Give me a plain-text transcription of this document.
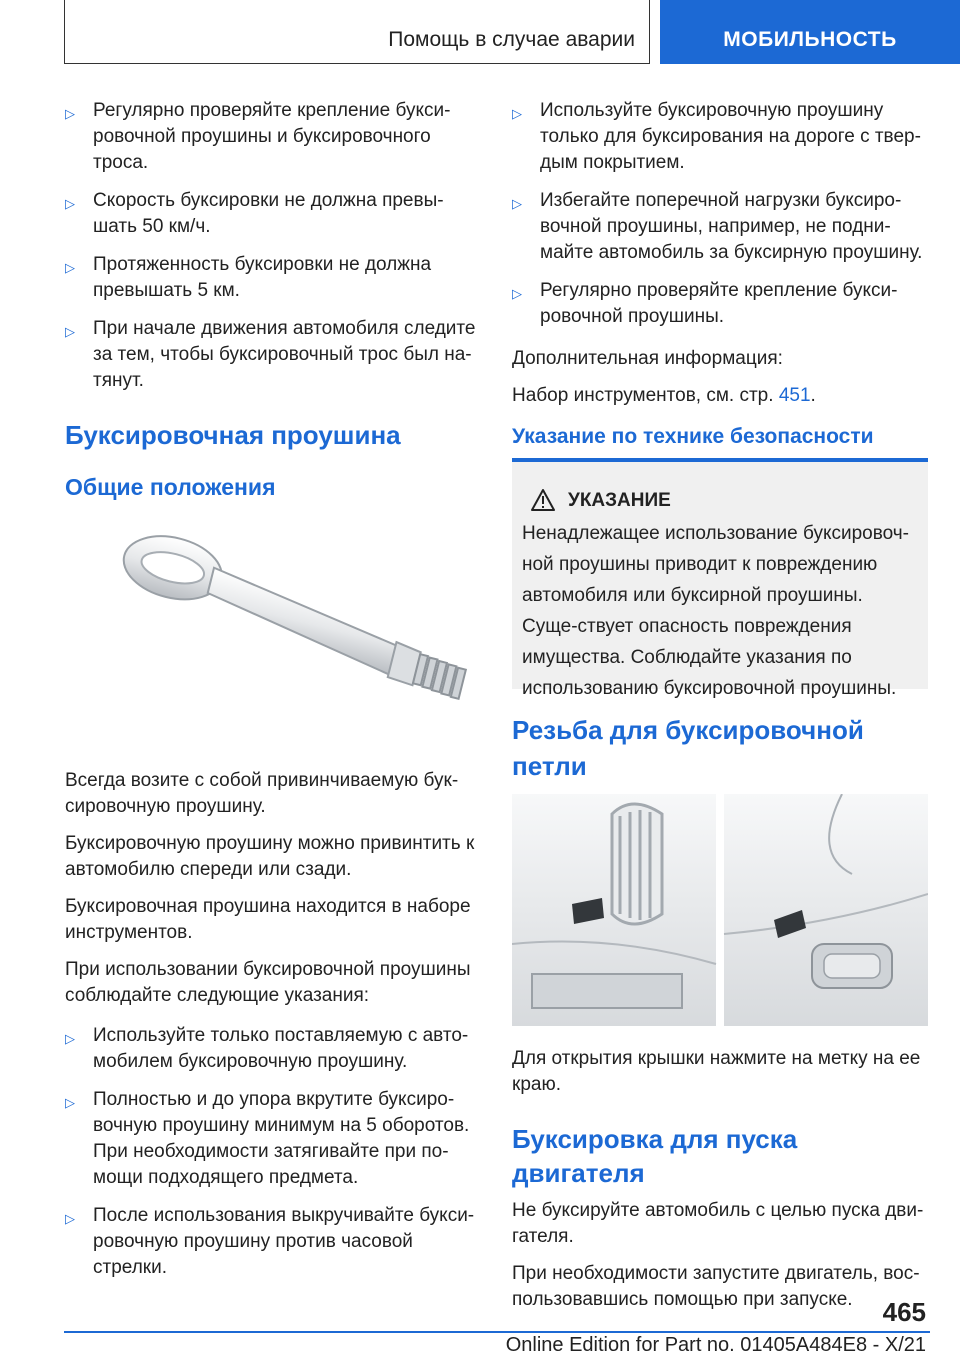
Помощь в случае аварии	МОБИЛЬНОСТЬ
▷ Регулярно проверяйте крепление букси-ровочной проушины и буксировочного троса.
▷ Скорость буксировки не должна превы-шать 50 км/ч.
▷ Протяженность буксировки не должна превышать 5 км.
▷ При начале движения автомобиля следите за тем, чтобы буксировочный трос был на-тянут.
Буксировочная проушина
Общие положения

Всегда возите с собой привинчиваемую бук-сировочную проушину.

Буксировочную проушину можно привинтить к автомобилю спереди или сзади.

Буксировочная проушина находится в наборе инструментов.

При использовании буксировочной проушины соблюдайте следующие указания:

▷ Используйте только поставляемую с авто-мобилем буксировочную проушину.
▷ Полностью и до упора вкрутите буксиро-вочную проушину минимум на 5 оборотов. При необходимости затягивайте при по-мощи подходящего предмета.
▷ После использования выкручивайте букси-ровочную проушину против часовой стрелки.
▷ Используйте буксировочную проушину только для буксирования на дороге с твер-дым покрытием.
▷ Избегайте поперечной нагрузки буксиро-вочной проушины, например, не подни-майте автомобиль за буксирную проушину.
▷ Регулярно проверяйте крепление букси-ровочной проушины.

Дополнительная информация:

Набор инструментов, см. стр. 451.

Указание по технике безопасности
УКАЗАНИЕ
Ненадлежащее использование буксировоч-ной проушины приводит к повреждению автомобиля или буксирной проушины. Суще-ствует опасность повреждения имущества. Соблюдайте указания по использованию буксировочной проушины.
Резьба для буксировочной петли

Для открытия крышки нажмите на метку на ее краю.

Буксировка для пуска двигателя

Не буксируйте автомобиль с целью пуска дви-гателя.

При необходимости запустите двигатель, вос-пользовавшись помощью при запуске.	465
Online Edition for Part no. 01405A484E8 - X/21
